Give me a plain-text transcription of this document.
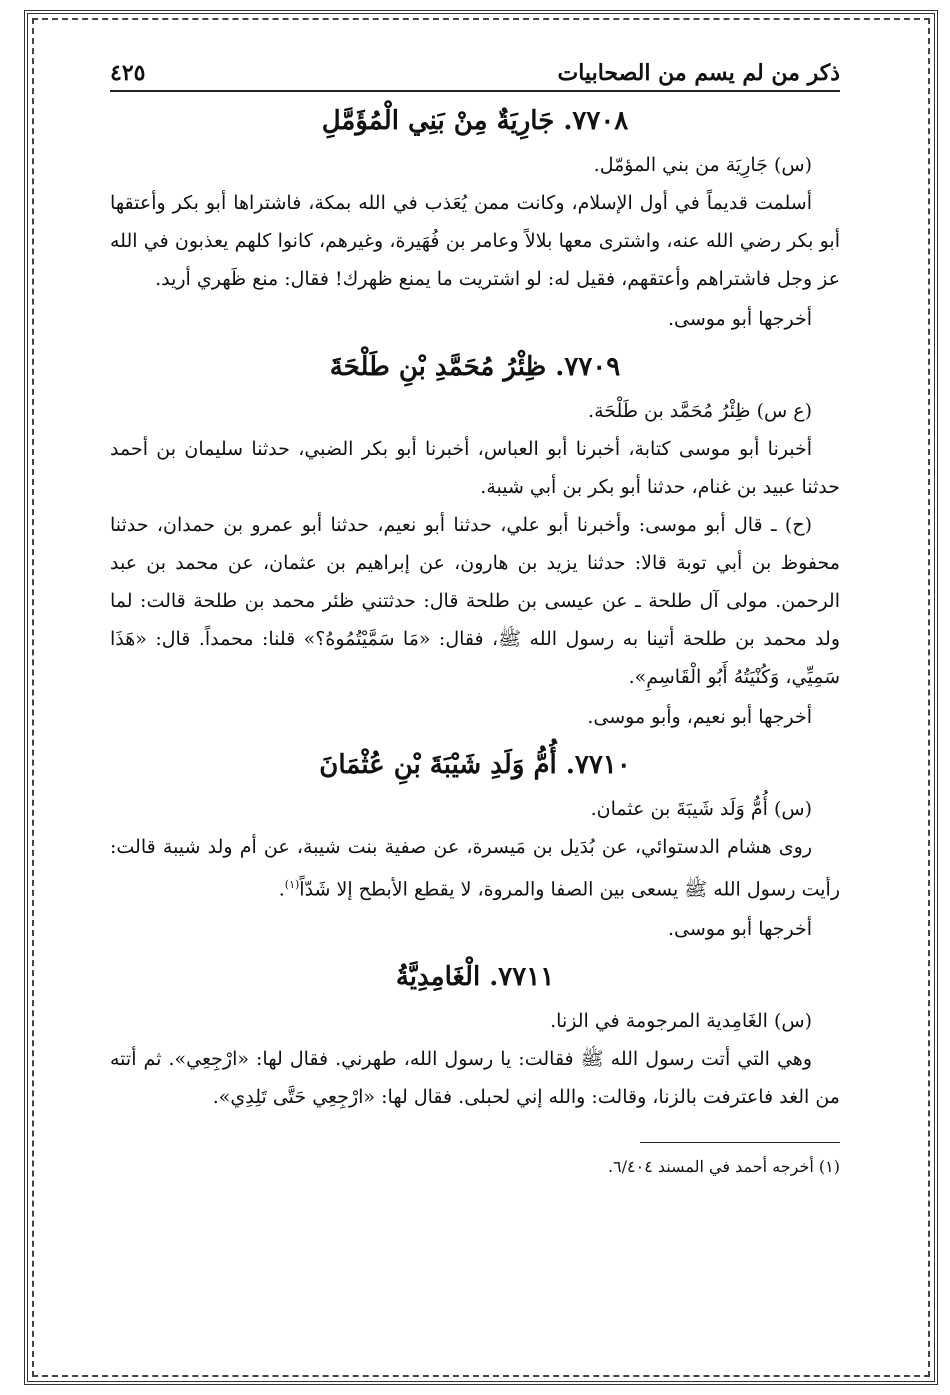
ذكر من لم يسم من الصحابيات
٤٢٥
٧٧٠٨. جَارِيَةٌ مِنْ بَنِي الْمُؤَمَّلِ

(س) جَارِيَة من بني المؤمّل.

أسلمت قديماً في أول الإسلام، وكانت ممن يُعَذب في الله بمكة، فاشتراها أبو بكر وأعتقها أبو بكر رضي الله عنه، واشترى معها بلالاً وعامر بن فُهَيرة، وغيرهم، كانوا كلهم يعذبون في الله عز وجل فاشتراهم وأعتقهم، فقيل له: لو اشتريت ما يمنع ظهرك! فقال: منع ظَهري أريد.

أخرجها أبو موسى.

٧٧٠٩. ظِئْرُ مُحَمَّدِ بْنِ طَلْحَةَ

(ع س) ظِئْرُ مُحَمَّد بن طَلْحَة.

أخبرنا أبو موسى كتابة، أخبرنا أبو العباس، أخبرنا أبو بكر الضبي، حدثنا سليمان بن أحمد حدثنا عبيد بن غنام، حدثنا أبو بكر بن أبي شيبة.

(ح) ـ قال أبو موسى: وأخبرنا أبو علي، حدثنا أبو نعيم، حدثنا أبو عمرو بن حمدان، حدثنا محفوظ بن أبي توبة قالا: حدثنا يزيد بن هارون، عن إبراهيم بن عثمان، عن محمد بن عبد الرحمن. مولى آل طلحة ـ عن عيسى بن طلحة قال: حدثتني ظئر محمد بن طلحة قالت: لما ولد محمد بن طلحة أتينا به رسول الله ﷺ، فقال: «مَا سَمَّيْتُمُوهُ؟» قلنا: محمداً. قال: «هَذَا سَمِيِّي، وَكُنْيَتُهُ أَبُو الْقَاسِمِ».

أخرجها أبو نعيم، وأبو موسى.

٧٧١٠. أُمُّ وَلَدِ شَيْبَةَ بْنِ عُثْمَانَ

(س) أُمُّ وَلَد شَيبَةَ بن عثمان.

روى هشام الدستوائي، عن بُدَيل بن مَيسرة، عن صفية بنت شيبة، عن أم ولد شيبة قالت: رأيت رسول الله ﷺ يسعى بين الصفا والمروة، لا يقطع الأبطح إلا شَدّاً$^{(١)}$.

أخرجها أبو موسى.

٧٧١١. الْغَامِدِيَّةُ

(س) الغَامِدية المرجومة في الزنا.

وهي التي أتت رسول الله ﷺ فقالت: يا رسول الله، طهرني. فقال لها: «ارْجِعِي». ثم أتته من الغد فاعترفت بالزنا، وقالت: والله إني لحبلى. فقال لها: «ارْجِعِي حَتَّى تَلِدِي».

(١) أخرجه أحمد في المسند ٦/٤٠٤.
